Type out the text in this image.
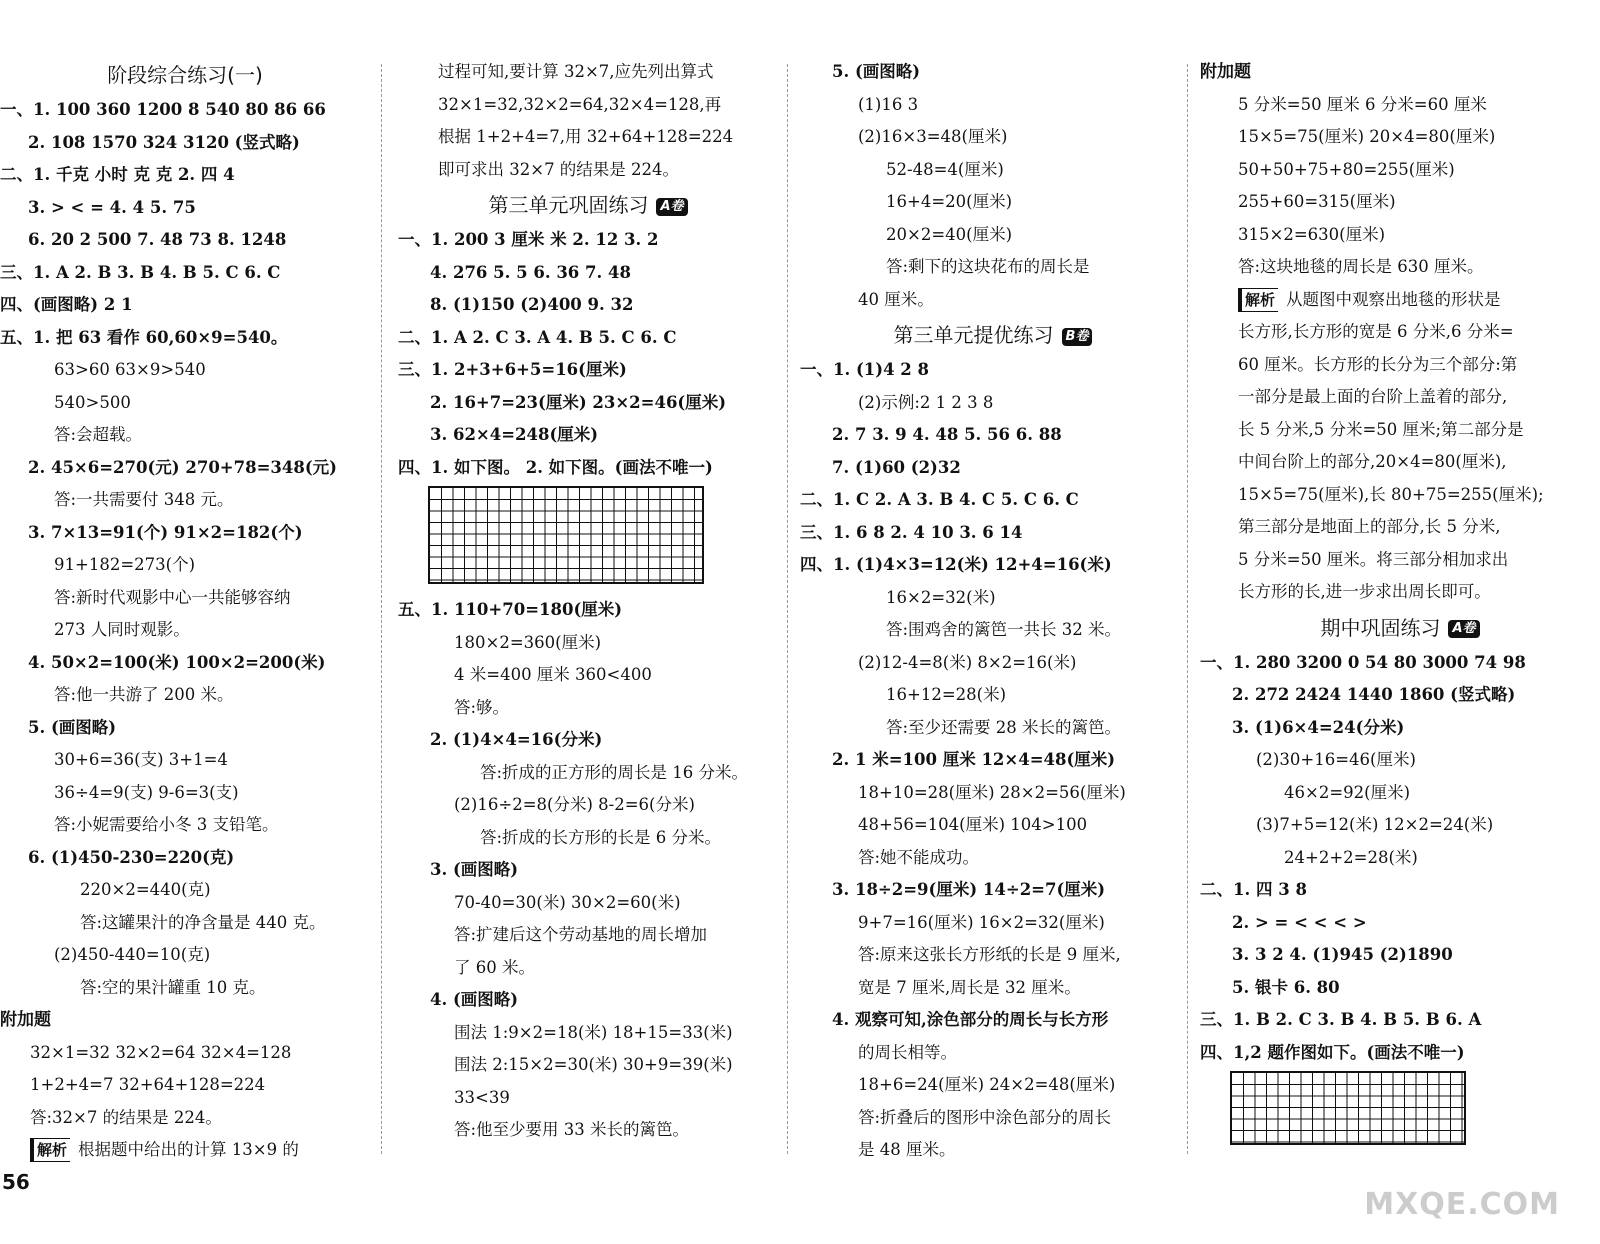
阶段综合练习(一)
一、1. 100 360 1200 8 540 80 86 66
2. 108 1570 324 3120 (竖式略)
二、1. 千克 小时 克 克 2. 四 4
3. > < = 4. 4 5. 75
6. 20 2 500 7. 48 73 8. 1248
三、1. A 2. B 3. B 4. B 5. C 6. C
四、(画图略) 2 1
五、1. 把 63 看作 60,60×9=540。
63>60 63×9>540
540>500
答:会超载。
2. 45×6=270(元) 270+78=348(元)
答:一共需要付 348 元。
3. 7×13=91(个) 91×2=182(个)
91+182=273(个)
答:新时代观影中心一共能够容纳
273 人同时观影。
4. 50×2=100(米) 100×2=200(米)
答:他一共游了 200 米。
5. (画图略)
30+6=36(支) 3+1=4
36÷4=9(支) 9-6=3(支)
答:小妮需要给小冬 3 支铅笔。
6. (1)450-230=220(克)
220×2=440(克)
答:这罐果汁的净含量是 440 克。
(2)450-440=10(克)
答:空的果汁罐重 10 克。
附加题
32×1=32 32×2=64 32×4=128
1+2+4=7 32+64+128=224
答:32×7 的结果是 224。
解析 根据题中给出的计算 13×9 的
过程可知,要计算 32×7,应先列出算式
32×1=32,32×2=64,32×4=128,再
根据 1+2+4=7,用 32+64+128=224
即可求出 32×7 的结果是 224。
第三单元巩固练习 A卷
一、1. 200 3 厘米 米 2. 12 3. 2
4. 276 5. 5 6. 36 7. 48
8. (1)150 (2)400 9. 32
二、1. A 2. C 3. A 4. B 5. C 6. C
三、1. 2+3+6+5=16(厘米)
2. 16+7=23(厘米) 23×2=46(厘米)
3. 62×4=248(厘米)
四、1. 如下图。 2. 如下图。(画法不唯一)
五、1. 110+70=180(厘米)
180×2=360(厘米)
4 米=400 厘米 360<400
答:够。
2. (1)4×4=16(分米)
答:折成的正方形的周长是 16 分米。
(2)16÷2=8(分米) 8-2=6(分米)
答:折成的长方形的长是 6 分米。
3. (画图略)
70-40=30(米) 30×2=60(米)
答:扩建后这个劳动基地的周长增加
了 60 米。
4. (画图略)
围法 1:9×2=18(米) 18+15=33(米)
围法 2:15×2=30(米) 30+9=39(米)
33<39
答:他至少要用 33 米长的篱笆。
5. (画图略)
(1)16 3
(2)16×3=48(厘米)
52-48=4(厘米)
16+4=20(厘米)
20×2=40(厘米)
答:剩下的这块花布的周长是
40 厘米。
第三单元提优练习 B卷
一、1. (1)4 2 8
(2)示例:2 1 2 3 8
2. 7 3. 9 4. 48 5. 56 6. 88
7. (1)60 (2)32
二、1. C 2. A 3. B 4. C 5. C 6. C
三、1. 6 8 2. 4 10 3. 6 14
四、1. (1)4×3=12(米) 12+4=16(米)
16×2=32(米)
答:围鸡舍的篱笆一共长 32 米。
(2)12-4=8(米) 8×2=16(米)
16+12=28(米)
答:至少还需要 28 米长的篱笆。
2. 1 米=100 厘米 12×4=48(厘米)
18+10=28(厘米) 28×2=56(厘米)
48+56=104(厘米) 104>100
答:她不能成功。
3. 18÷2=9(厘米) 14÷2=7(厘米)
9+7=16(厘米) 16×2=32(厘米)
答:原来这张长方形纸的长是 9 厘米,
宽是 7 厘米,周长是 32 厘米。
4. 观察可知,涂色部分的周长与长方形
的周长相等。
18+6=24(厘米) 24×2=48(厘米)
答:折叠后的图形中涂色部分的周长
是 48 厘米。
附加题
5 分米=50 厘米 6 分米=60 厘米
15×5=75(厘米) 20×4=80(厘米)
50+50+75+80=255(厘米)
255+60=315(厘米)
315×2=630(厘米)
答:这块地毯的周长是 630 厘米。
解析 从题图中观察出地毯的形状是
长方形,长方形的宽是 6 分米,6 分米=
60 厘米。长方形的长分为三个部分:第
一部分是最上面的台阶上盖着的部分,
长 5 分米,5 分米=50 厘米;第二部分是
中间台阶上的部分,20×4=80(厘米),
15×5=75(厘米),长 80+75=255(厘米);
第三部分是地面上的部分,长 5 分米,
5 分米=50 厘米。将三部分相加求出
长方形的长,进一步求出周长即可。
期中巩固练习 A卷
一、1. 280 3200 0 54 80 3000 74 98
2. 272 2424 1440 1860 (竖式略)
3. (1)6×4=24(分米)
(2)30+16=46(厘米)
46×2=92(厘米)
(3)7+5=12(米) 12×2=24(米)
24+2+2=28(米)
二、1. 四 3 8
2. > = < < < >
3. 3 2 4. (1)945 (2)1890
5. 银卡 6. 80
三、1. B 2. C 3. B 4. B 5. B 6. A
四、1,2 题作图如下。(画法不唯一)
56
MXQE.COM
